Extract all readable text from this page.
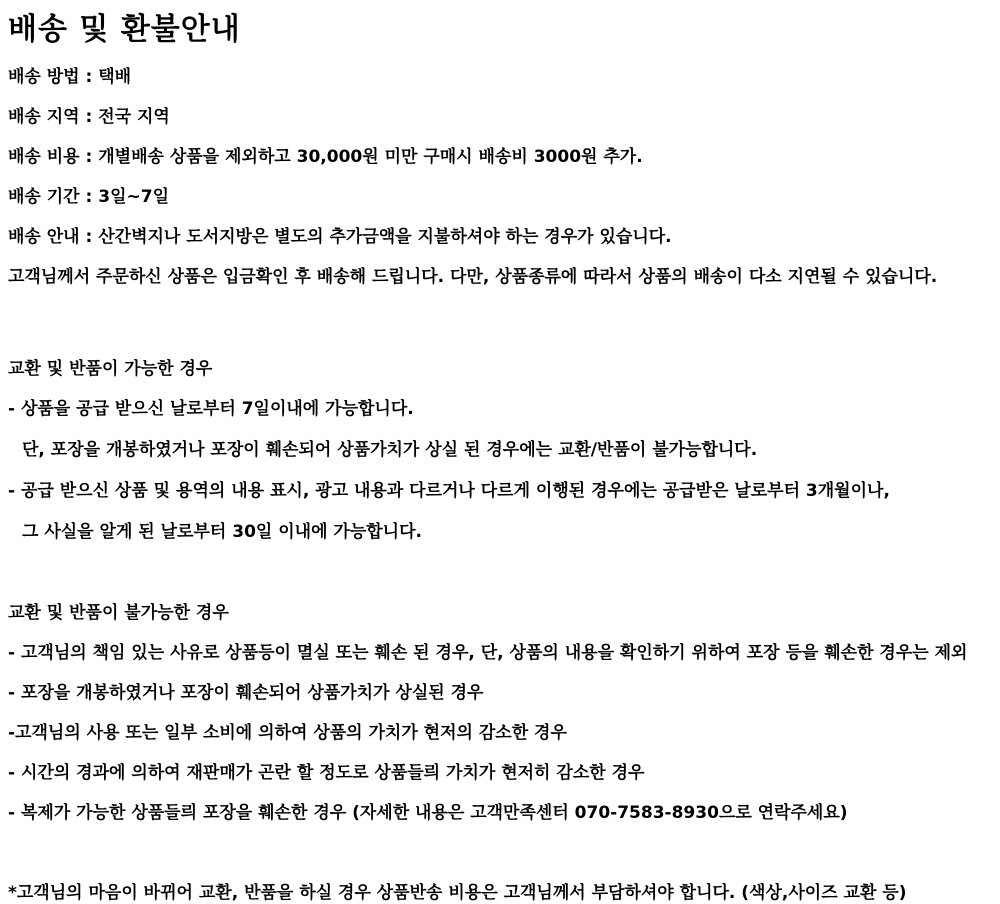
배송 및 환불안내
배송 방법 : 택배
배송 지역 : 전국 지역
배송 비용 : 개별배송 상품을 제외하고 30,000원 미만 구매시 배송비 3000원 추가.
배송 기간 : 3일~7일
배송 안내 : 산간벽지나 도서지방은 별도의 추가금액을 지불하셔야 하는 경우가 있습니다.
고객님께서 주문하신 상품은 입금확인 후 배송해 드립니다. 다만, 상품종류에 따라서 상품의 배송이 다소 지연될 수 있습니다.
교환 및 반품이 가능한 경우
- 상품을 공급 받으신 날로부터 7일이내에 가능합니다.
단, 포장을 개봉하였거나 포장이 훼손되어 상품가치가 상실 된 경우에는 교환/반품이 불가능합니다.
- 공급 받으신 상품 및 용역의 내용 표시, 광고 내용과 다르거나 다르게 이행된 경우에는 공급받은 날로부터 3개월이나,
그 사실을 알게 된 날로부터 30일 이내에 가능합니다.
교환 및 반품이 불가능한 경우
- 고객님의 책임 있는 사유로 상품등이 멸실 또는 훼손 된 경우, 단, 상품의 내용을 확인하기 위하여 포장 등을 훼손한 경우는 제외
- 포장을 개봉하였거나 포장이 훼손되어 상품가치가 상실된 경우
-고객님의 사용 또는 일부 소비에 의하여 상품의 가치가 현저의 감소한 경우
- 시간의 경과에 의하여 재판매가 곤란 할 정도로 상품들릐 가치가 현저히 감소한 경우
- 복제가 가능한 상품들릐 포장을 훼손한 경우 (자세한 내용은 고객만족센터 070-7583-8930으로 연락주세요)
*고객님의 마음이 바뀌어 교환, 반품을 하실 경우 상품반송 비용은 고객님께서 부담하셔야 합니다. (색상,사이즈 교환 등)
